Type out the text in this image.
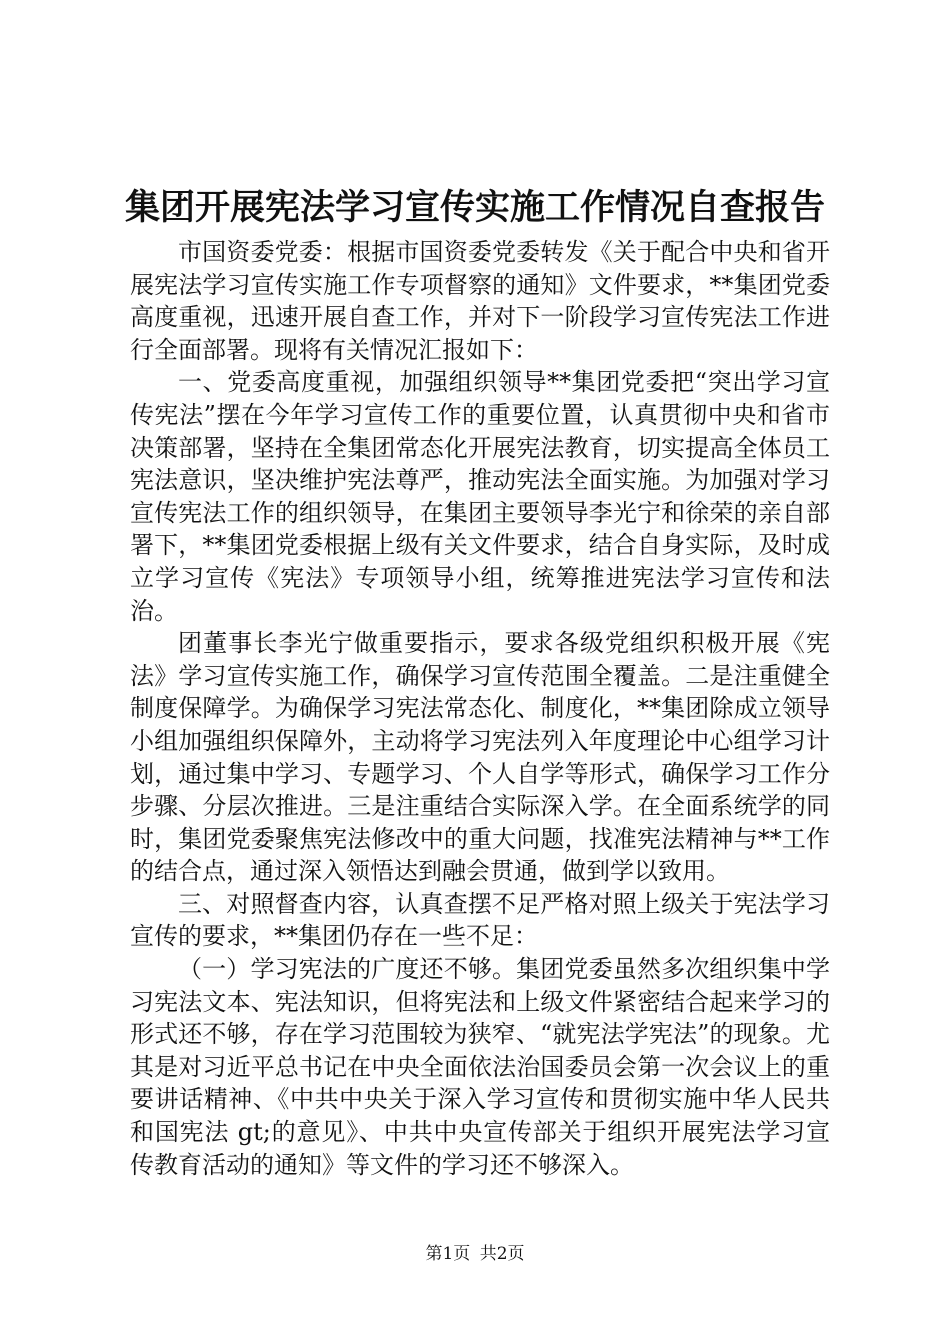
集团开展宪法学习宣传实施工作情况自查报告

市国资委党委：根据市国资委党委转发《关于配合中央和省开展宪法学习宣传实施工作专项督察的通知》文件要求，**集团党委高度重视，迅速开展自查工作，并对下一阶段学习宣传宪法工作进行全面部署。现将有关情况汇报如下：

一、党委高度重视，加强组织领导**集团党委把“突出学习宣传宪法”摆在今年学习宣传工作的重要位置，认真贯彻中央和省市决策部署，坚持在全集团常态化开展宪法教育，切实提高全体员工宪法意识，坚决维护宪法尊严，推动宪法全面实施。为加强对学习宣传宪法工作的组织领导，在集团主要领导李光宁和徐荣的亲自部署下，**集团党委根据上级有关文件要求，结合自身实际，及时成立学习宣传《宪法》专项领导小组，统筹推进宪法学习宣传和法治。

团董事长李光宁做重要指示，要求各级党组织积极开展《宪法》学习宣传实施工作，确保学习宣传范围全覆盖。二是注重健全制度保障学。为确保学习宪法常态化、制度化，**集团除成立领导小组加强组织保障外，主动将学习宪法列入年度理论中心组学习计划，通过集中学习、专题学习、个人自学等形式，确保学习工作分步骤、分层次推进。三是注重结合实际深入学。在全面系统学的同时，集团党委聚焦宪法修改中的重大问题，找准宪法精神与**工作的结合点，通过深入领悟达到融会贯通，做到学以致用。

三、对照督查内容，认真查摆不足严格对照上级关于宪法学习宣传的要求，**集团仍存在一些不足：

（一）学习宪法的广度还不够。集团党委虽然多次组织集中学习宪法文本、宪法知识，但将宪法和上级文件紧密结合起来学习的形式还不够，存在学习范围较为狭窄、“就宪法学宪法”的现象。尤其是对习近平总书记在中央全面依法治国委员会第一次会议上的重要讲话精神、《中共中央关于深入学习宣传和贯彻实施中华人民共和国宪法 gt;的意见》、中共中央宣传部关于组织开展宪法学习宣传教育活动的通知》等文件的学习还不够深入。

第1页 共2页
